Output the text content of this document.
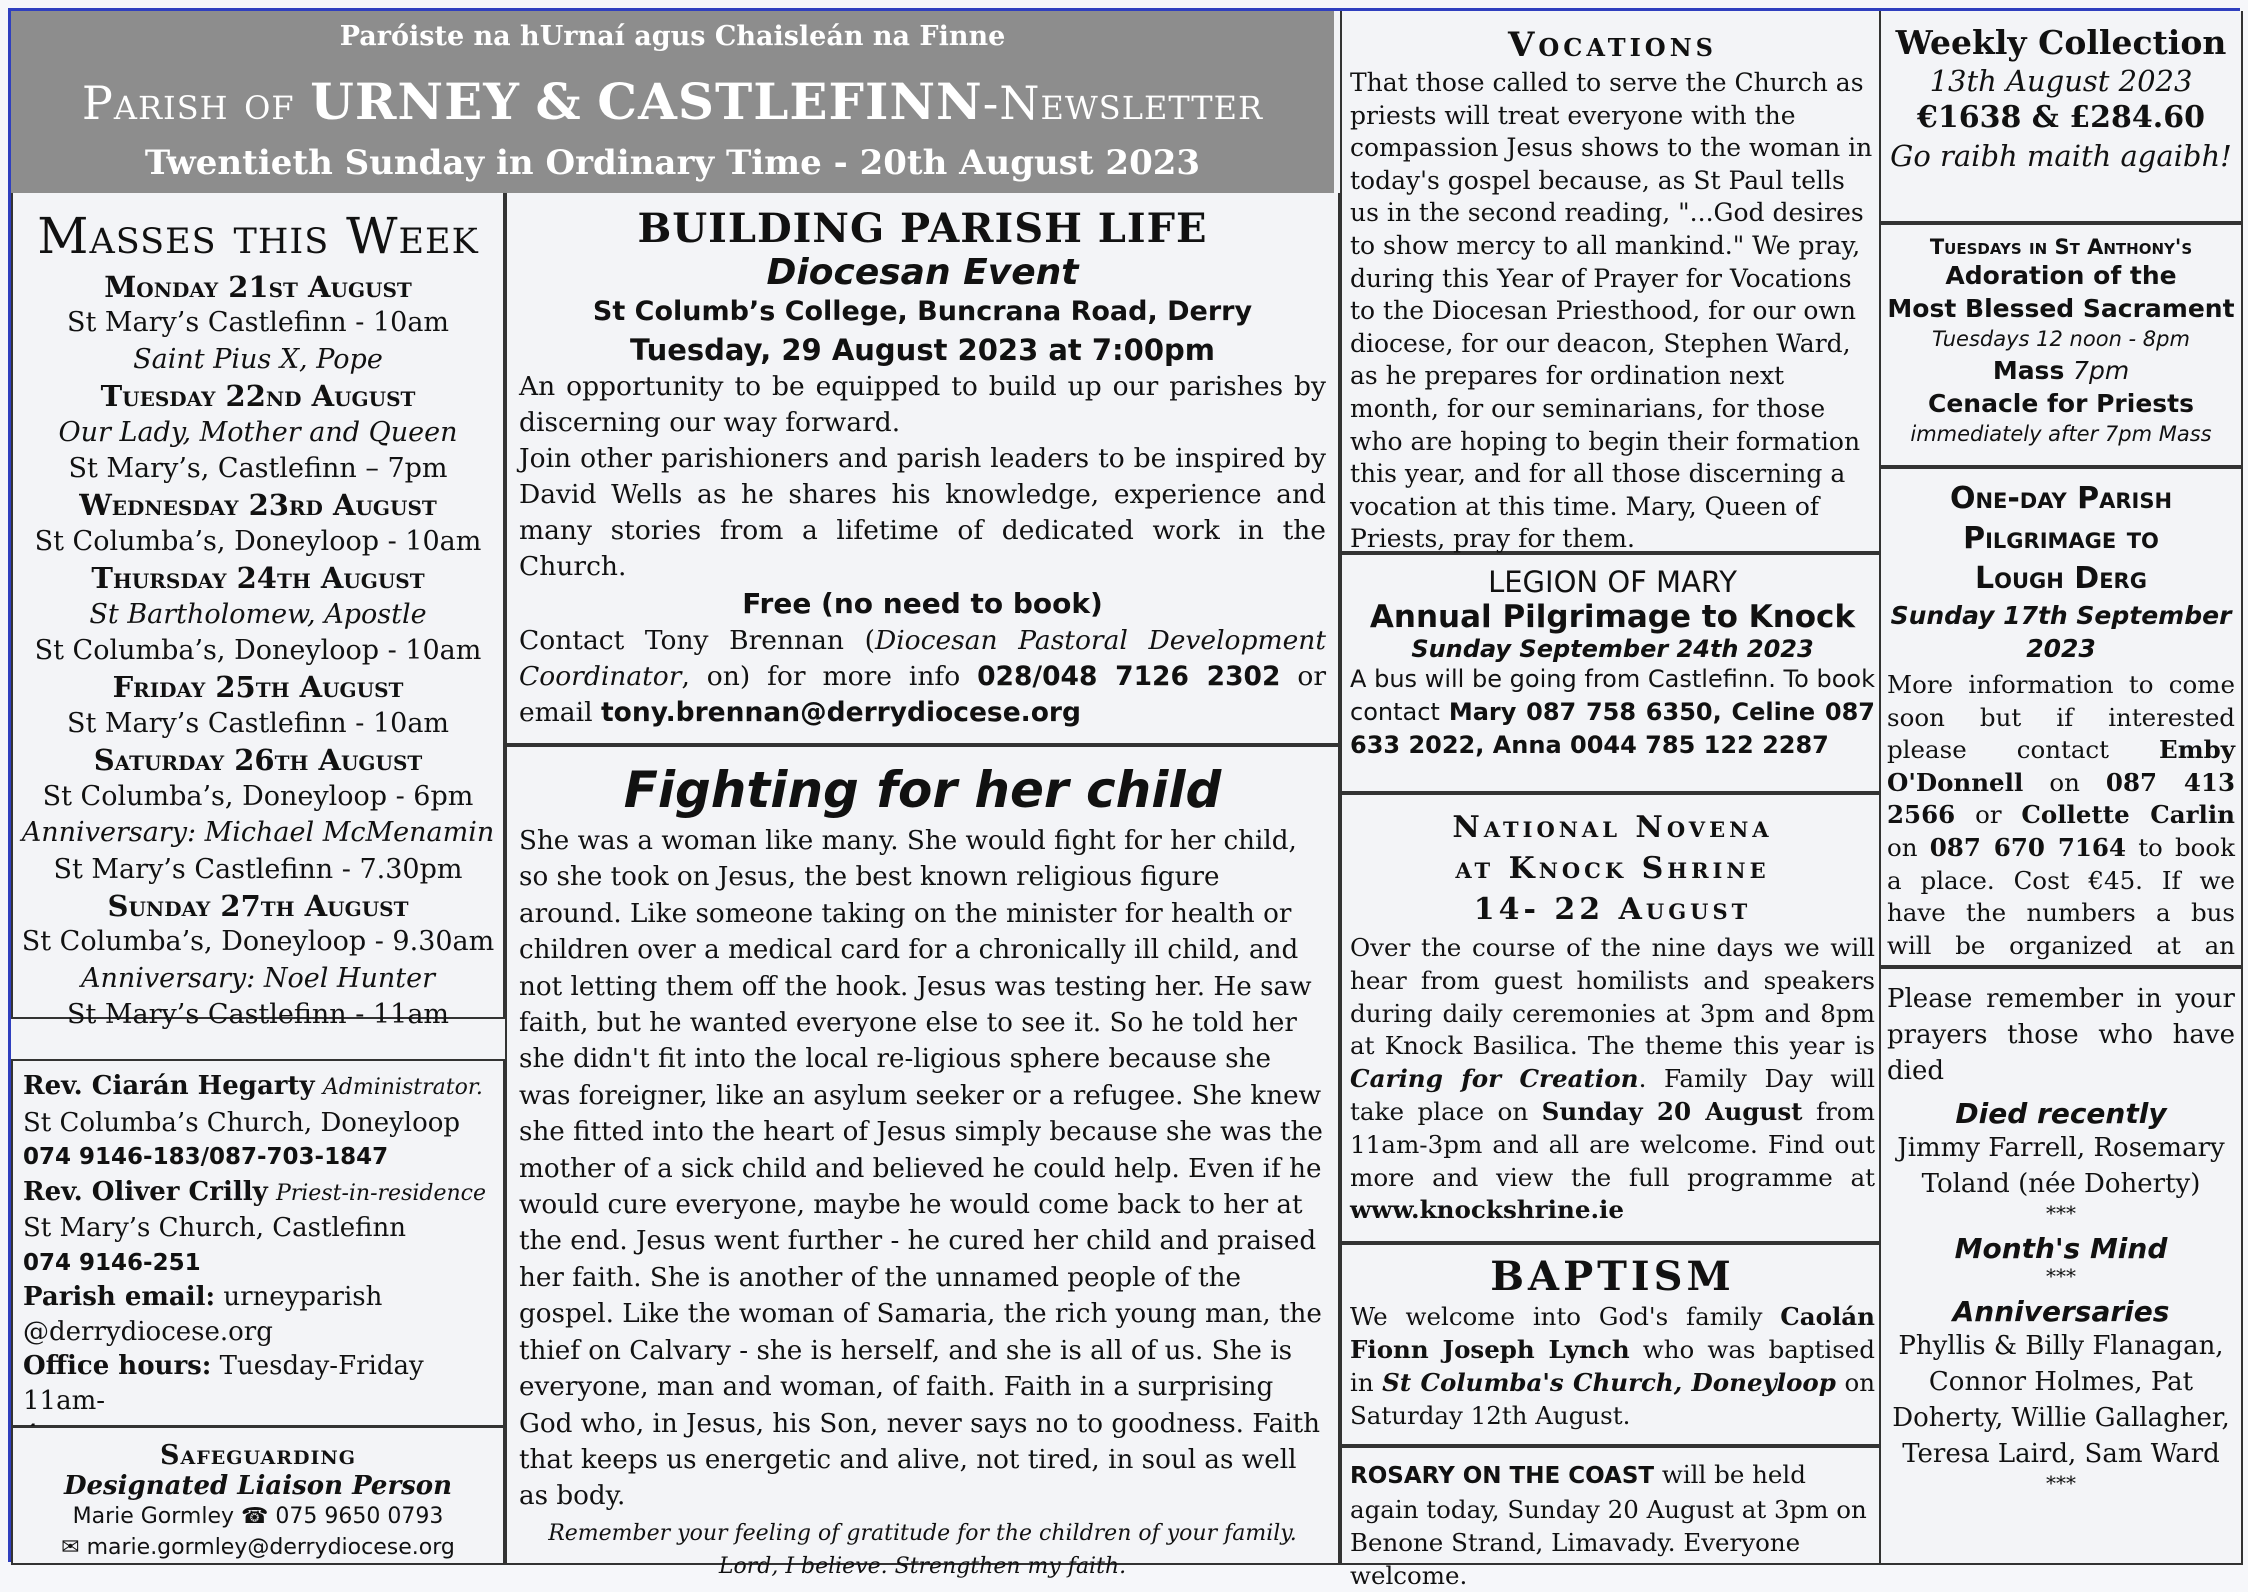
Paróiste na hUrnaí agus Chaisleán na Finne
Parish of URNEY & CASTLEFINN-Newsletter
Twentieth Sunday in Ordinary Time - 20th August 2023
Masses this Week
Monday 21st August
St Mary’s Castlefinn - 10am
Saint Pius X, Pope
Tuesday 22nd August
Our Lady, Mother and Queen
St Mary’s, Castlefinn – 7pm
Wednesday 23rd August
St Columba’s, Doneyloop - 10am
Thursday 24th August
St Bartholomew, Apostle
St Columba’s, Doneyloop - 10am
Friday 25th August
St Mary’s Castlefinn - 10am
Saturday 26th August
St Columba’s, Doneyloop - 6pm
Anniversary: Michael McMenamin
St Mary’s Castlefinn - 7.30pm
Sunday 27th August
St Columba’s, Doneyloop - 9.30am
Anniversary: Noel Hunter
St Mary’s Castlefinn - 11am
Rev. Ciarán Hegarty Administrator.
St Columba’s Church, Doneyloop
074 9146-183/087-703-1847
Rev. Oliver Crilly Priest-in-residence
St Mary’s Church, Castlefinn
074 9146-251
Parish email: urneyparish
@derrydiocese.org
Office hours: Tuesday-Friday 11am-
Safeguarding
Designated Liaison Person
Marie Gormley ☎ 075 9650 0793
✉ marie.gormley@derrydiocese.org
BUILDING PARISH LIFE
Diocesan Event
St Columb’s College, Buncrana Road, Derry
Tuesday, 29 August 2023 at 7:00pm

An opportunity to be equipped to build up our parishes by discerning our way forward.

Join other parishioners and parish leaders to be inspired by David Wells as he shares his knowledge, experience and many stories from a lifetime of dedicated work in the Church.

Free (no need to book)

Contact Tony Brennan (Diocesan Pastoral Development Coordinator, on) for more info 028/048 7126 2302 or email tony.brennan@derrydiocese.org

Fighting for her child

She was a woman like many. She would fight for her child, so she took on Jesus, the best known religious figure around. Like someone taking on the minister for health or children over a medical card for a chronically ill child, and not letting them off the hook. Jesus was testing her. He saw faith, but he wanted everyone else to see it. So he told her she didn't fit into the local re-ligious sphere because she was foreigner, like an asylum seeker or a refugee. She knew she fitted into the heart of Jesus simply because she was the mother of a sick child and believed he could help. Even if he would cure everyone, maybe he would come back to her at the end. Jesus went further - he cured her child and praised her faith. She is another of the unnamed people of the gospel. Like the woman of Samaria, the rich young man, the thief on Calvary - she is herself, and she is all of us. She is everyone, man and woman, of faith. Faith in a surprising God who, in Jesus, his Son, never says no to goodness. Faith that keeps us energetic and alive, not tired, in soul as well as body.

Remember your feeling of gratitude for the children of your family.
Lord, I believe. Strengthen my faith.
Vocations

That those called to serve the Church as priests will treat everyone with the compassion Jesus shows to the woman in today's gospel because, as St Paul tells us in the second reading, "...God desires to show mercy to all mankind." We pray, during this Year of Prayer for Vocations to the Diocesan Priesthood, for our own diocese, for our deacon, Stephen Ward, as he prepares for ordination next month, for our seminarians, for those who are hoping to begin their formation this year, and for all those discerning a vocation at this time. Mary, Queen of Priests, pray for them.

LEGION OF MARY
Annual Pilgrimage to Knock
Sunday September 24th 2023

A bus will be going from Castlefinn. To book contact Mary 087 758 6350, Celine 087 633 2022, Anna 0044 785 122 2287

National Novena
at Knock Shrine
14- 22 August

Over the course of the nine days we will hear from guest homilists and speakers during daily ceremonies at 3pm and 8pm at Knock Basilica. The theme this year is Caring for Creation. Family Day will take place on Sunday 20 August from 11am-3pm and all are welcome. Find out more and view the full programme at www.knockshrine.ie

BAPTISM

We welcome into God's family Caolán Fionn Joseph Lynch who was baptised in St Columba's Church, Doneyloop on Saturday 12th August.

ROSARY ON THE COAST will be held again today, Sunday 20 August at 3pm on Benone Strand, Limavady. Everyone welcome.
Weekly Collection
13th August 2023
€1638 & £284.60
Go raibh maith agaibh!
Tuesdays in St Anthony's
Adoration of the
Most Blessed Sacrament
Tuesdays 12 noon - 8pm
Mass 7pm
Cenacle for Priests
immediately after 7pm Mass
One-day Parish
Pilgrimage to
Lough Derg
Sunday 17th September 2023

More information to come soon but if interested please contact Emby O'Donnell on 087 413 2566 or Collette Carlin on 087 670 7164 to book a place. Cost €45. If we have the numbers a bus will be organized at an

Please remember in your prayers those who have died

Died recently
Jimmy Farrell, Rosemary Toland (née Doherty)
***
Month's Mind
***
Anniversaries
Phyllis & Billy Flanagan, Connor Holmes, Pat Doherty, Willie Gallagher, Teresa Laird, Sam Ward
***
